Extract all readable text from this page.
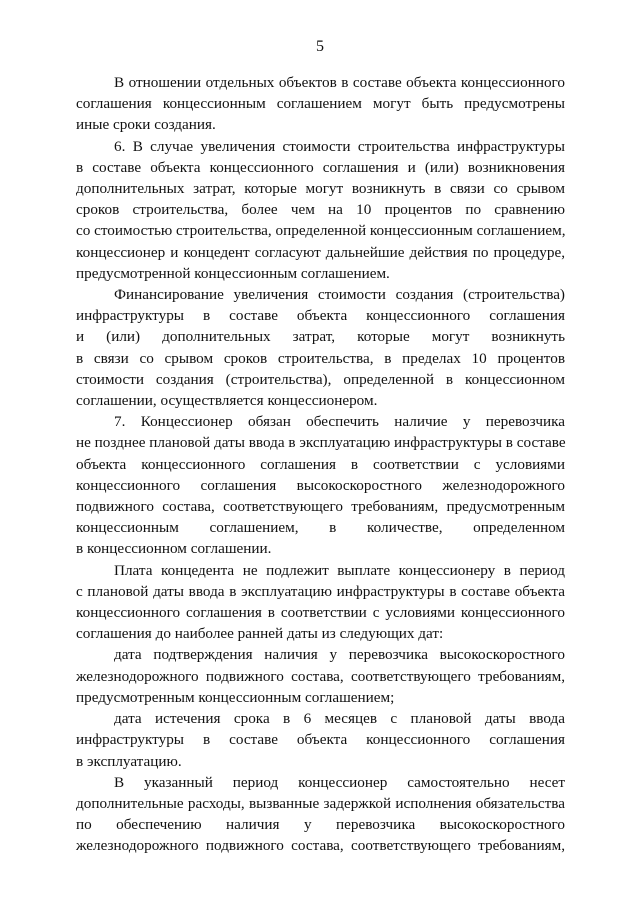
5
В отношении отдельных объектов в составе объекта концессионного
соглашения концессионным соглашением могут быть предусмотрены
иные сроки создания.
6. В случае увеличения стоимости строительства инфраструктуры
в составе объекта концессионного соглашения и (или) возникновения
дополнительных затрат, которые могут возникнуть в связи со срывом
сроков строительства, более чем на 10 процентов по сравнению
со стоимостью строительства, определенной концессионным соглашением,
концессионер и концедент согласуют дальнейшие действия по процедуре,
предусмотренной концессионным соглашением.
Финансирование увеличения стоимости создания (строительства)
инфраструктуры в составе объекта концессионного соглашения
и (или) дополнительных затрат, которые могут возникнуть
в связи со срывом сроков строительства, в пределах 10 процентов
стоимости создания (строительства), определенной в концессионном
соглашении, осуществляется концессионером.
7. Концессионер обязан обеспечить наличие у перевозчика
не позднее плановой даты ввода в эксплуатацию инфраструктуры в составе
объекта концессионного соглашения в соответствии с условиями
концессионного соглашения высокоскоростного железнодорожного
подвижного состава, соответствующего требованиям, предусмотренным
концессионным соглашением, в количестве, определенном
в концессионном соглашении.
Плата концедента не подлежит выплате концессионеру в период
с плановой даты ввода в эксплуатацию инфраструктуры в составе объекта
концессионного соглашения в соответствии с условиями концессионного
соглашения до наиболее ранней даты из следующих дат:
дата подтверждения наличия у перевозчика высокоскоростного
железнодорожного подвижного состава, соответствующего требованиям,
предусмотренным концессионным соглашением;
дата истечения срока в 6 месяцев с плановой даты ввода
инфраструктуры в составе объекта концессионного соглашения
в эксплуатацию.
В указанный период концессионер самостоятельно несет
дополнительные расходы, вызванные задержкой исполнения обязательства
по обеспечению наличия у перевозчика высокоскоростного
железнодорожного подвижного состава, соответствующего требованиям,
